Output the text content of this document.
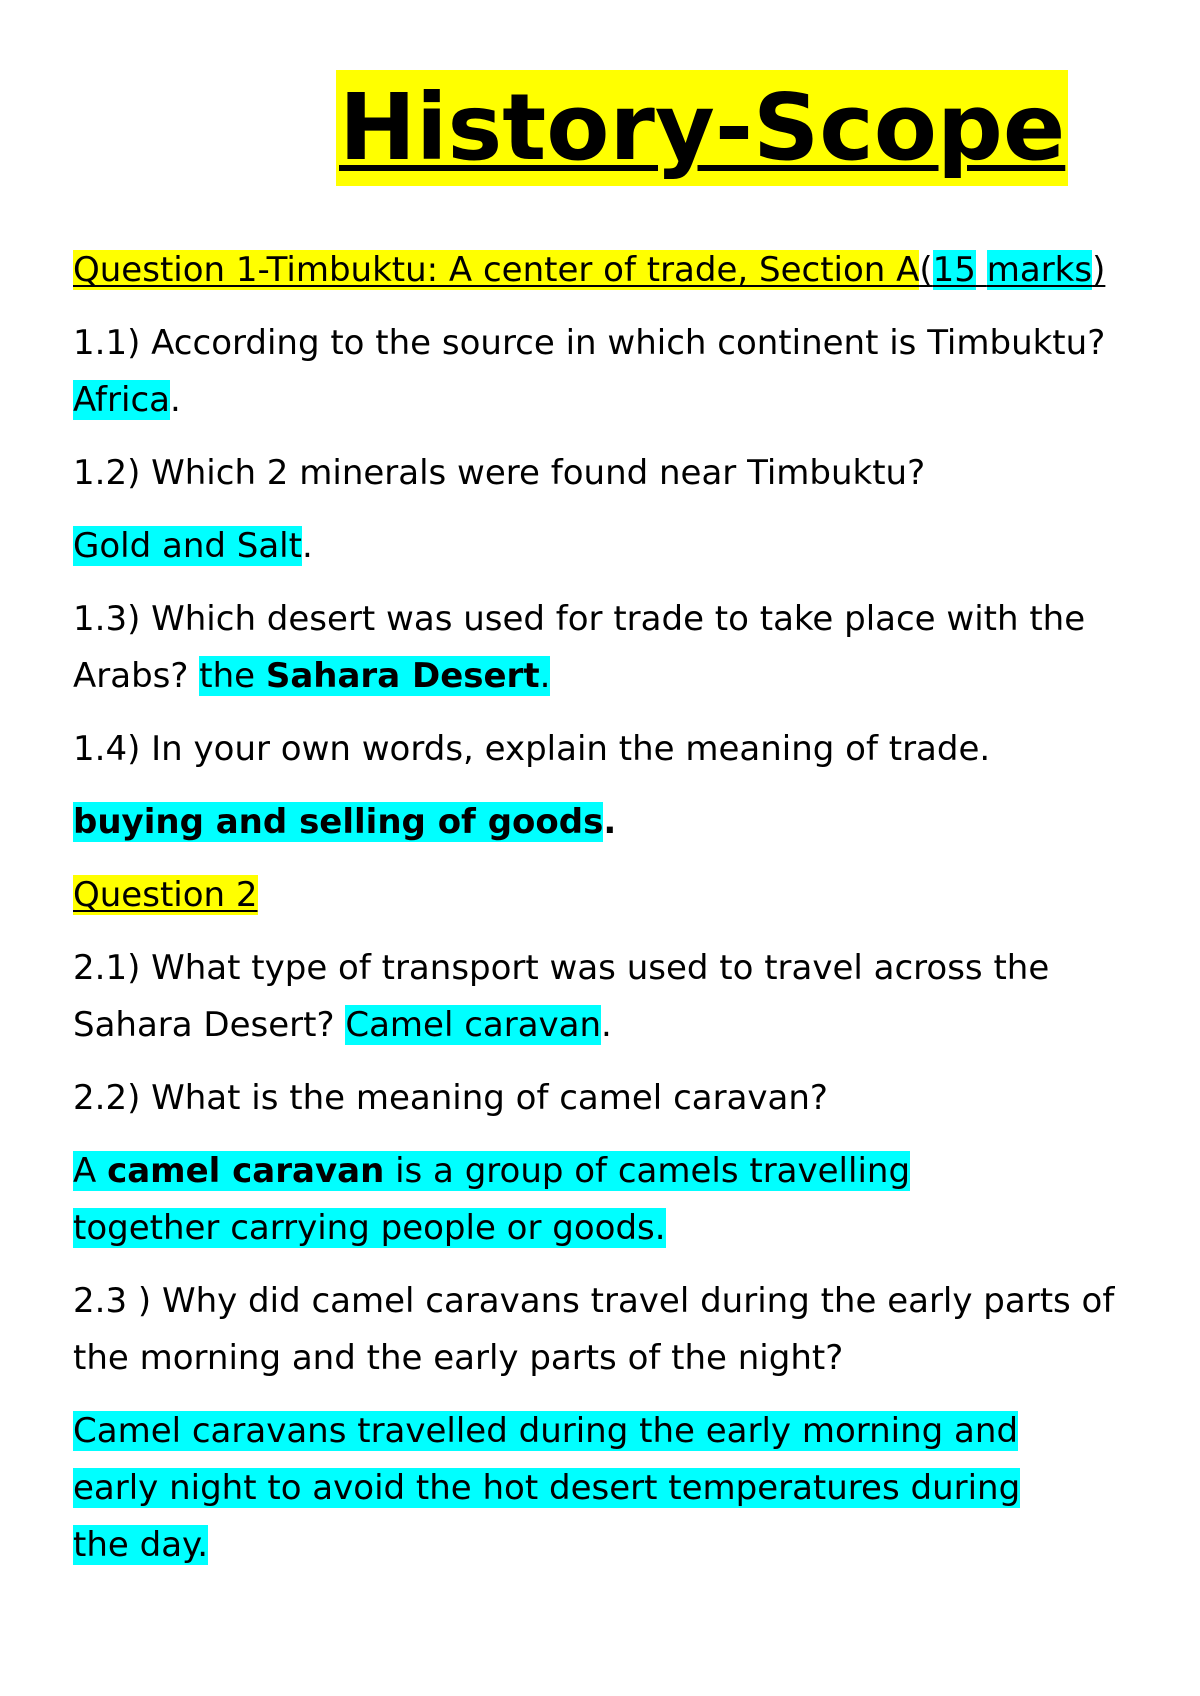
History-Scope

Question 1-Timbuktu: A center of trade, Section A(15 marks)

1.1) According to the source in which continent is Timbuktu? Africa.

1.2) Which 2 minerals were found near Timbuktu?

Gold and Salt.

1.3) Which desert was used for trade to take place with the Arabs? the Sahara Desert.

1.4) In your own words, explain the meaning of trade.

buying and selling of goods.

Question 2

2.1) What type of transport was used to travel across the Sahara Desert? Camel caravan.

2.2) What is the meaning of camel caravan?

A camel caravan is a group of camels travelling together carrying people or goods.

2.3 ) Why did camel caravans travel during the early parts of the morning and the early parts of the night?

Camel caravans travelled during the early morning and early night to avoid the hot desert temperatures during the day.
